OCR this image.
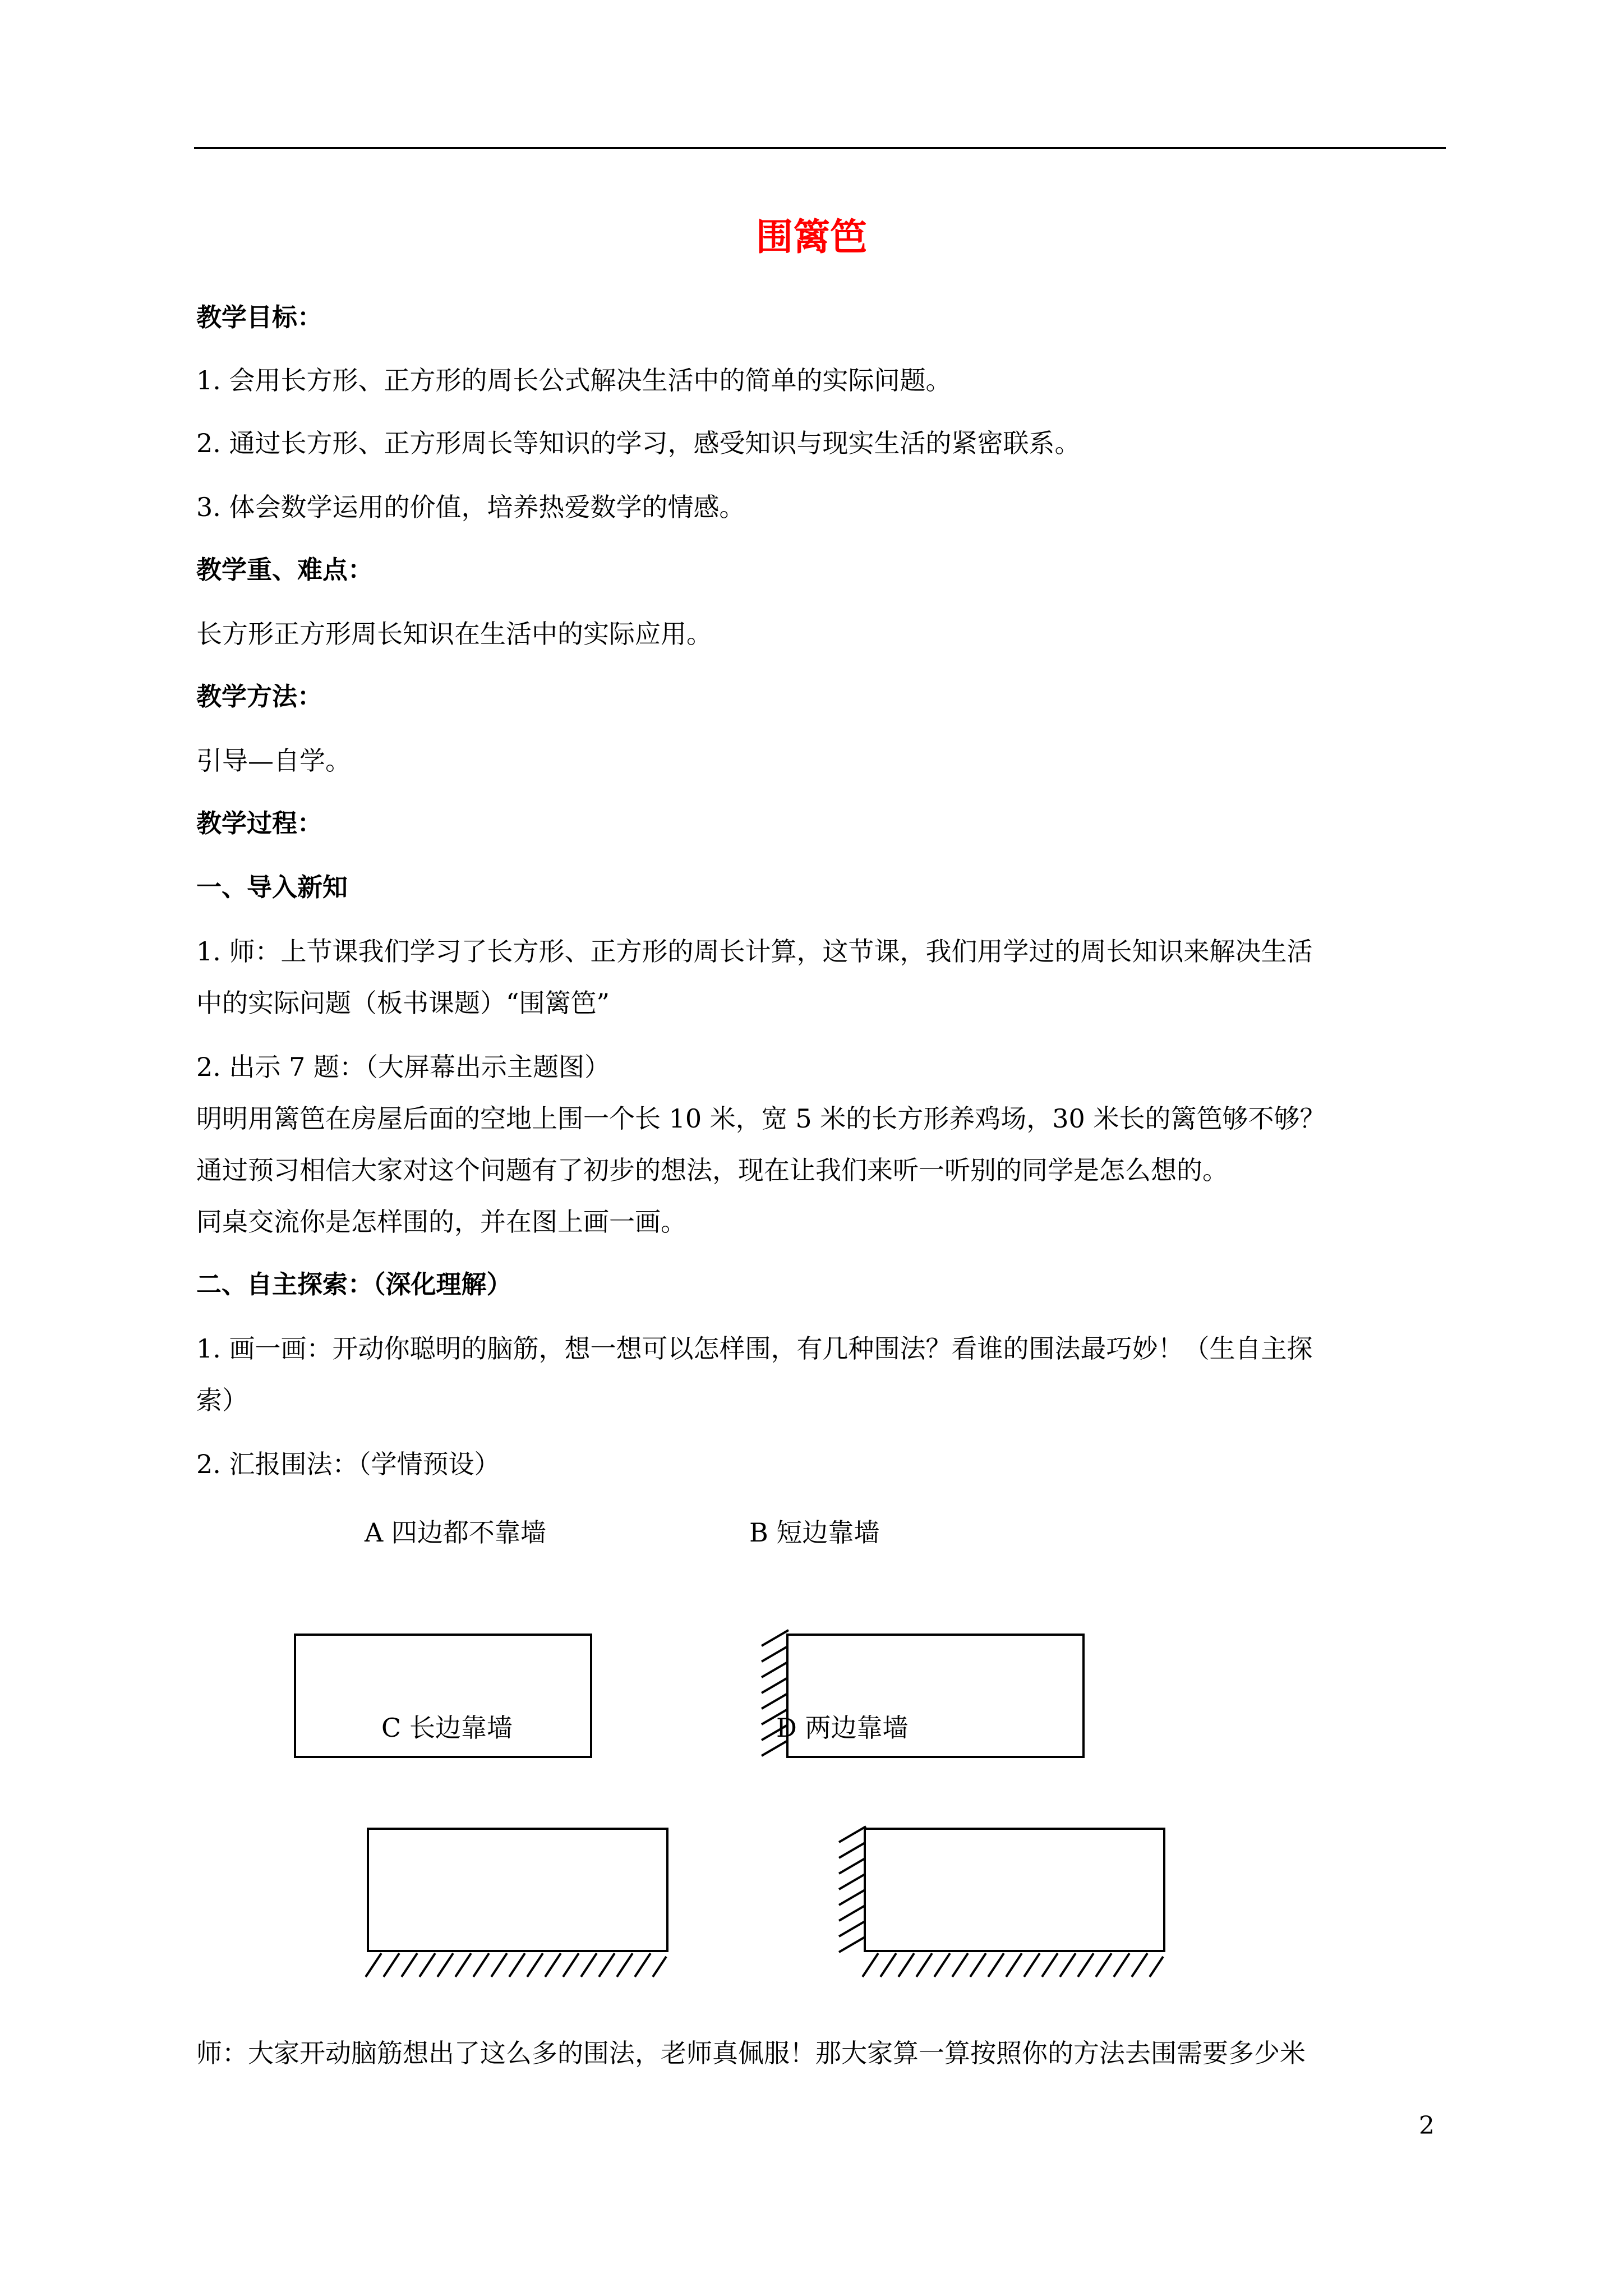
围篱笆
教学目标：
1. 会用长方形、正方形的周长公式解决生活中的简单的实际问题。
2. 通过长方形、正方形周长等知识的学习，感受知识与现实生活的紧密联系。
3. 体会数学运用的价值，培养热爱数学的情感。
教学重、难点：
长方形正方形周长知识在生活中的实际应用。
教学方法：
引导—自学。
教学过程：
一、导入新知
1. 师：上节课我们学习了长方形、正方形的周长计算，这节课，我们用学过的周长知识来解决生活
中的实际问题（板书课题）“围篱笆”
2. 出示 7 题：（大屏幕出示主题图）
明明用篱笆在房屋后面的空地上围一个长 10 米，宽 5 米的长方形养鸡场，30 米长的篱笆够不够？
通过预习相信大家对这个问题有了初步的想法，现在让我们来听一听别的同学是怎么想的。
同桌交流你是怎样围的，并在图上画一画。
二、自主探索：（深化理解）
1. 画一画：开动你聪明的脑筋，想一想可以怎样围，有几种围法？看谁的围法最巧妙！（生自主探
索）
2. 汇报围法：（学情预设）
A 四边都不靠墙	B 短边靠墙
C 长边靠墙	D 两边靠墙
师：大家开动脑筋想出了这么多的围法，老师真佩服！那大家算一算按照你的方法去围需要多少米
2
